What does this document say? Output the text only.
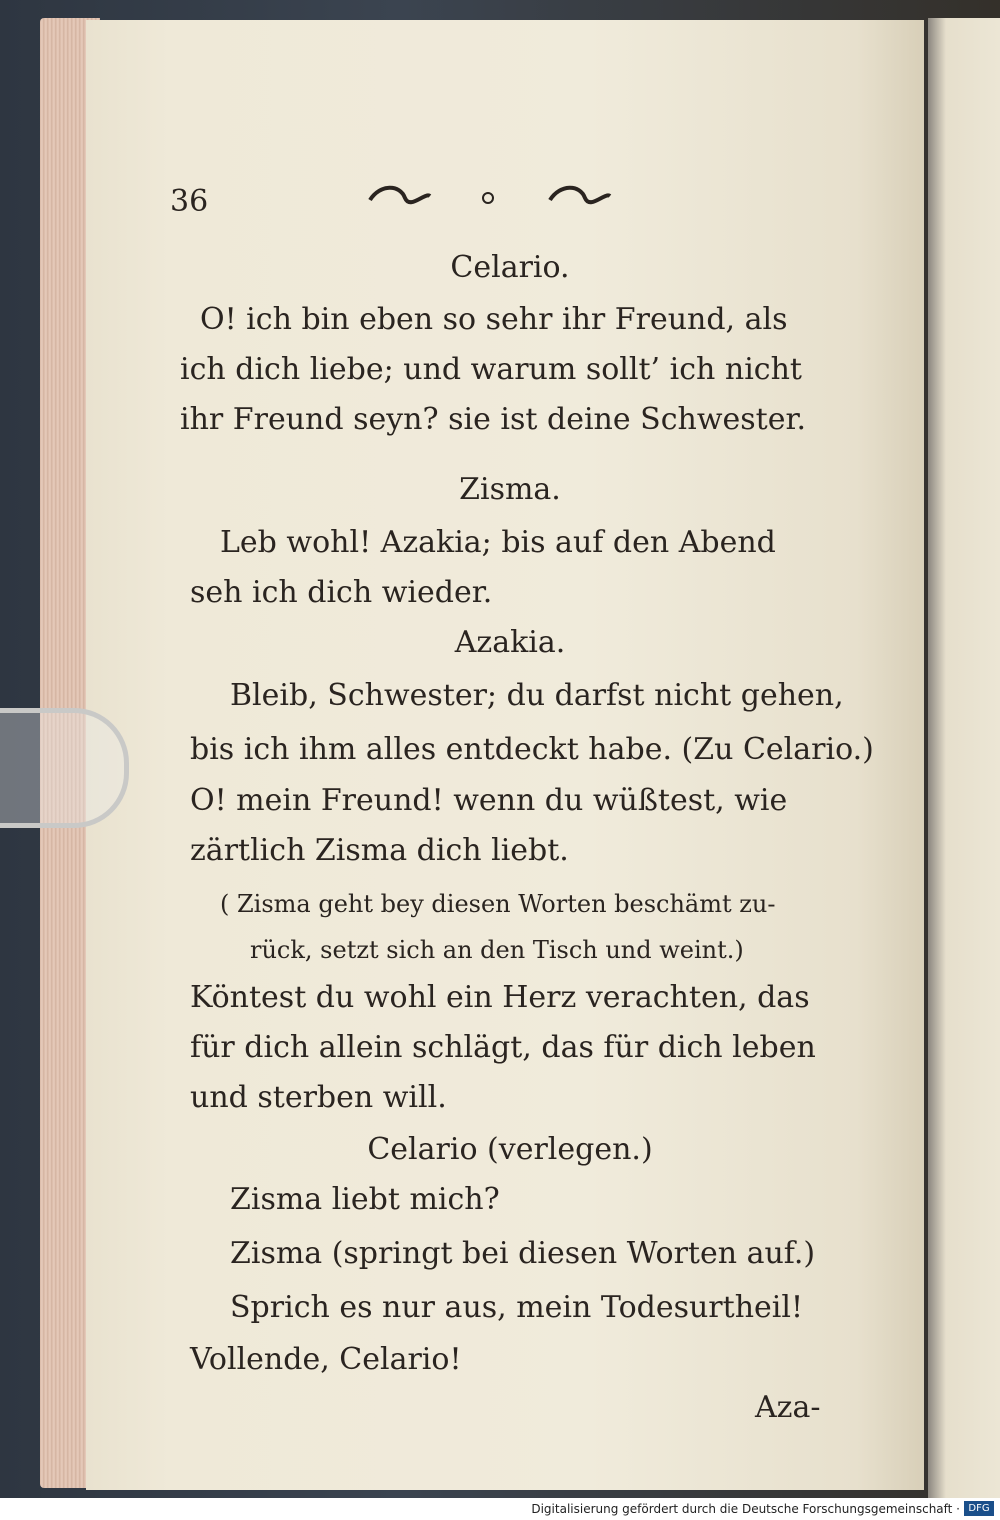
36
Celario.
O! ich bin eben so sehr ihr Freund, als
ich dich liebe; und warum sollt’ ich nicht
ihr Freund seyn? sie ist deine Schwester.
Zisma.
Leb wohl! Azakia; bis auf den Abend
seh ich dich wieder.
Azakia.
Bleib, Schwester; du darfst nicht gehen,
bis ich ihm alles entdeckt habe. (Zu Celario.)
O! mein Freund! wenn du wüßtest, wie
zärtlich Zisma dich liebt.
( Zisma geht bey diesen Worten beschämt zu-
rück, setzt sich an den Tisch und weint.)
Köntest du wohl ein Herz verachten, das
für dich allein schlägt, das für dich leben
und sterben will.
Celario (verlegen.)
Zisma liebt mich?
Zisma (springt bei diesen Worten auf.)
Sprich es nur aus, mein Todesurtheil!
Vollende, Celario!
Aza-
Digitalisierung gefördert durch die Deutsche Forschungsgemeinschaft · DFG
